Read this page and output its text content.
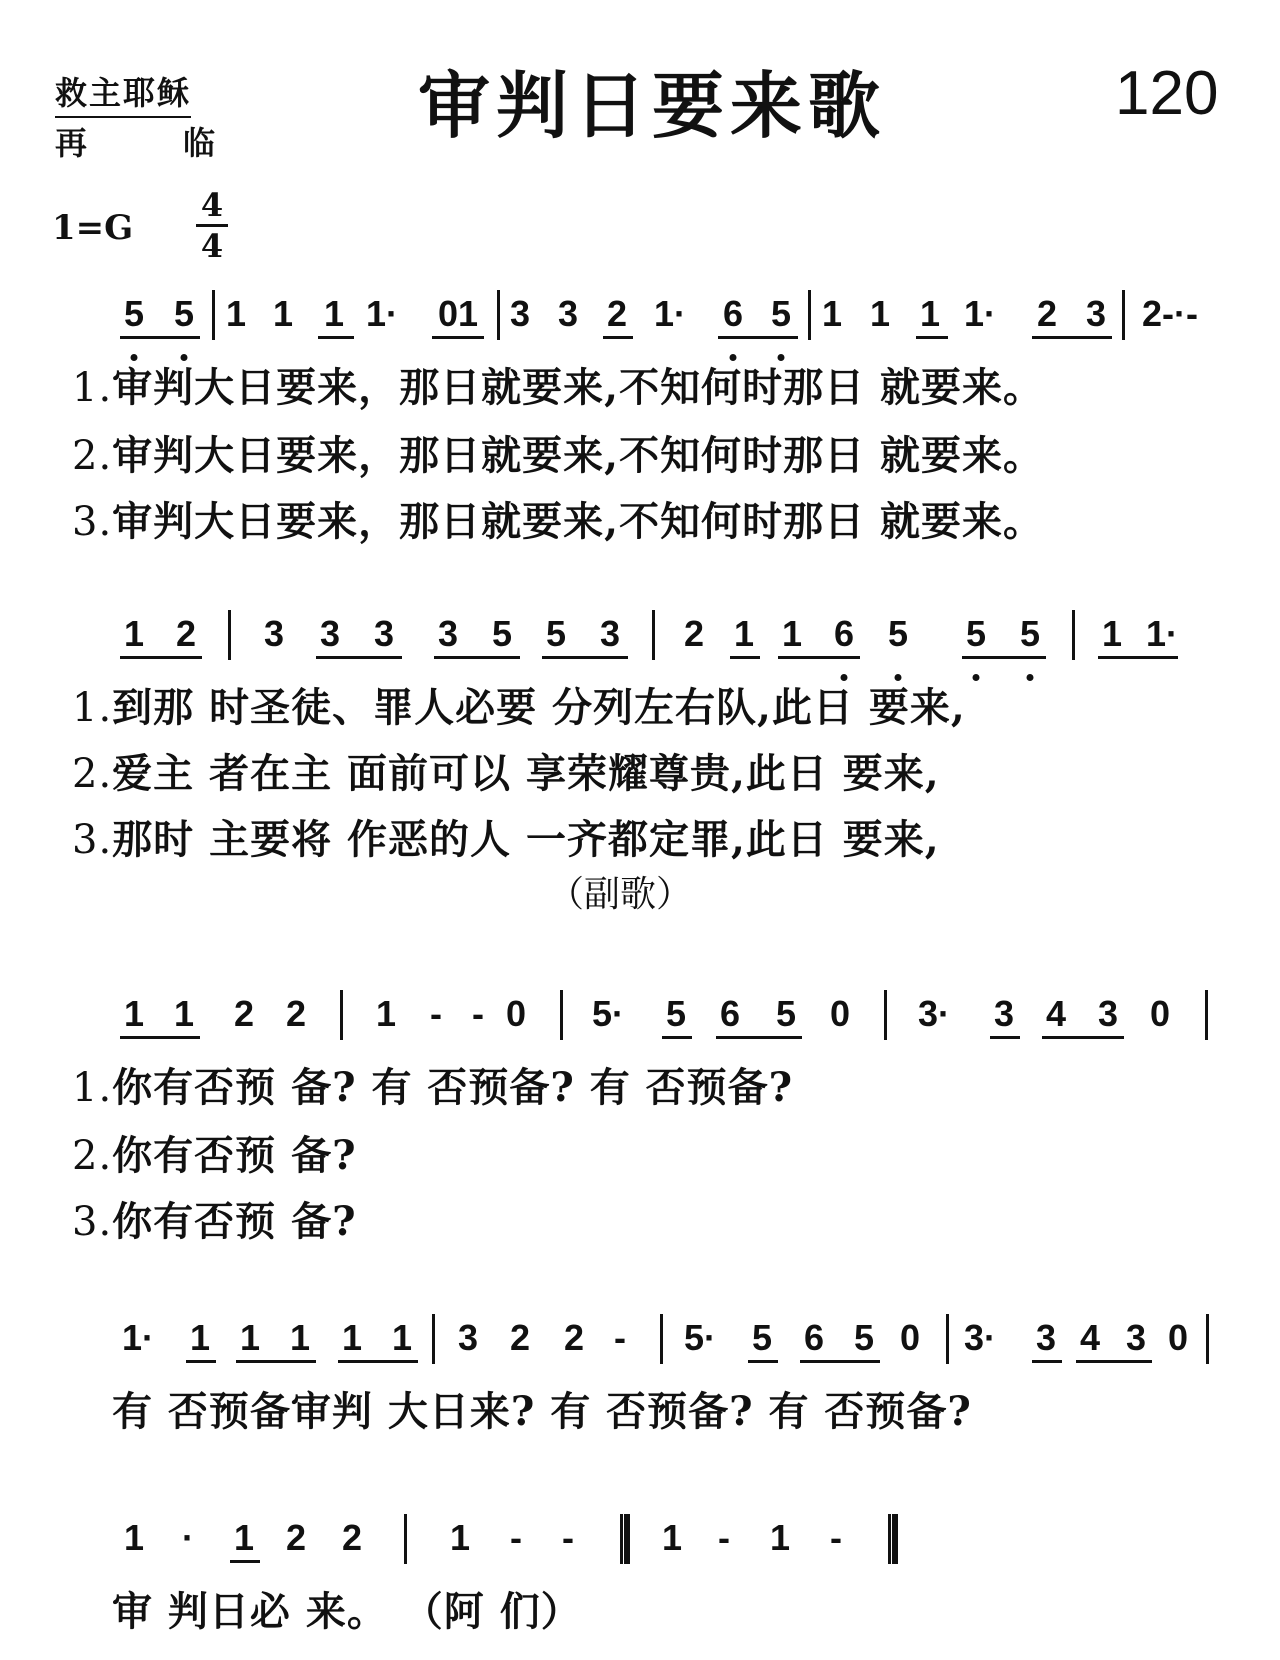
救主耶稣
再	临	审判日要来歌	120
1=G
4
4
5 5 1 1 1 1· 01 3 3 2 1· 6 5 1 1 1 1· 2 3 2-·-
1.审判大日要来，那日就要来,不知何时那日 就要来。
2.审判大日要来，那日就要来,不知何时那日 就要来。
3.审判大日要来，那日就要来,不知何时那日 就要来。
1 2 3 3 3 3 5 5 3 2 1 1 6 5 5 5 1 1·
1.到那 时圣徒、罪人必要 分列左右队,此日 要来,
2.爱主 者在主 面前可以 享荣耀尊贵,此日 要来,
3.那时 主要将 作恶的人 一齐都定罪,此日 要来,
（副歌）
1 1 2 2 1 - - 0 5· 5 6 5 0 3· 3 4 3 0
1.你有否预 备? 有 否预备? 有 否预备?
2.你有否预 备?
3.你有否预 备?
1· 1 1 1 1 1 3 2 2 - 5· 5 6 5 0 3· 3 4 3 0
有 否预备审判 大日来? 有 否预备? 有 否预备?
1 · 1 2 2 1 - - 1 - 1 -
审 判日必 来。 （阿 们）
